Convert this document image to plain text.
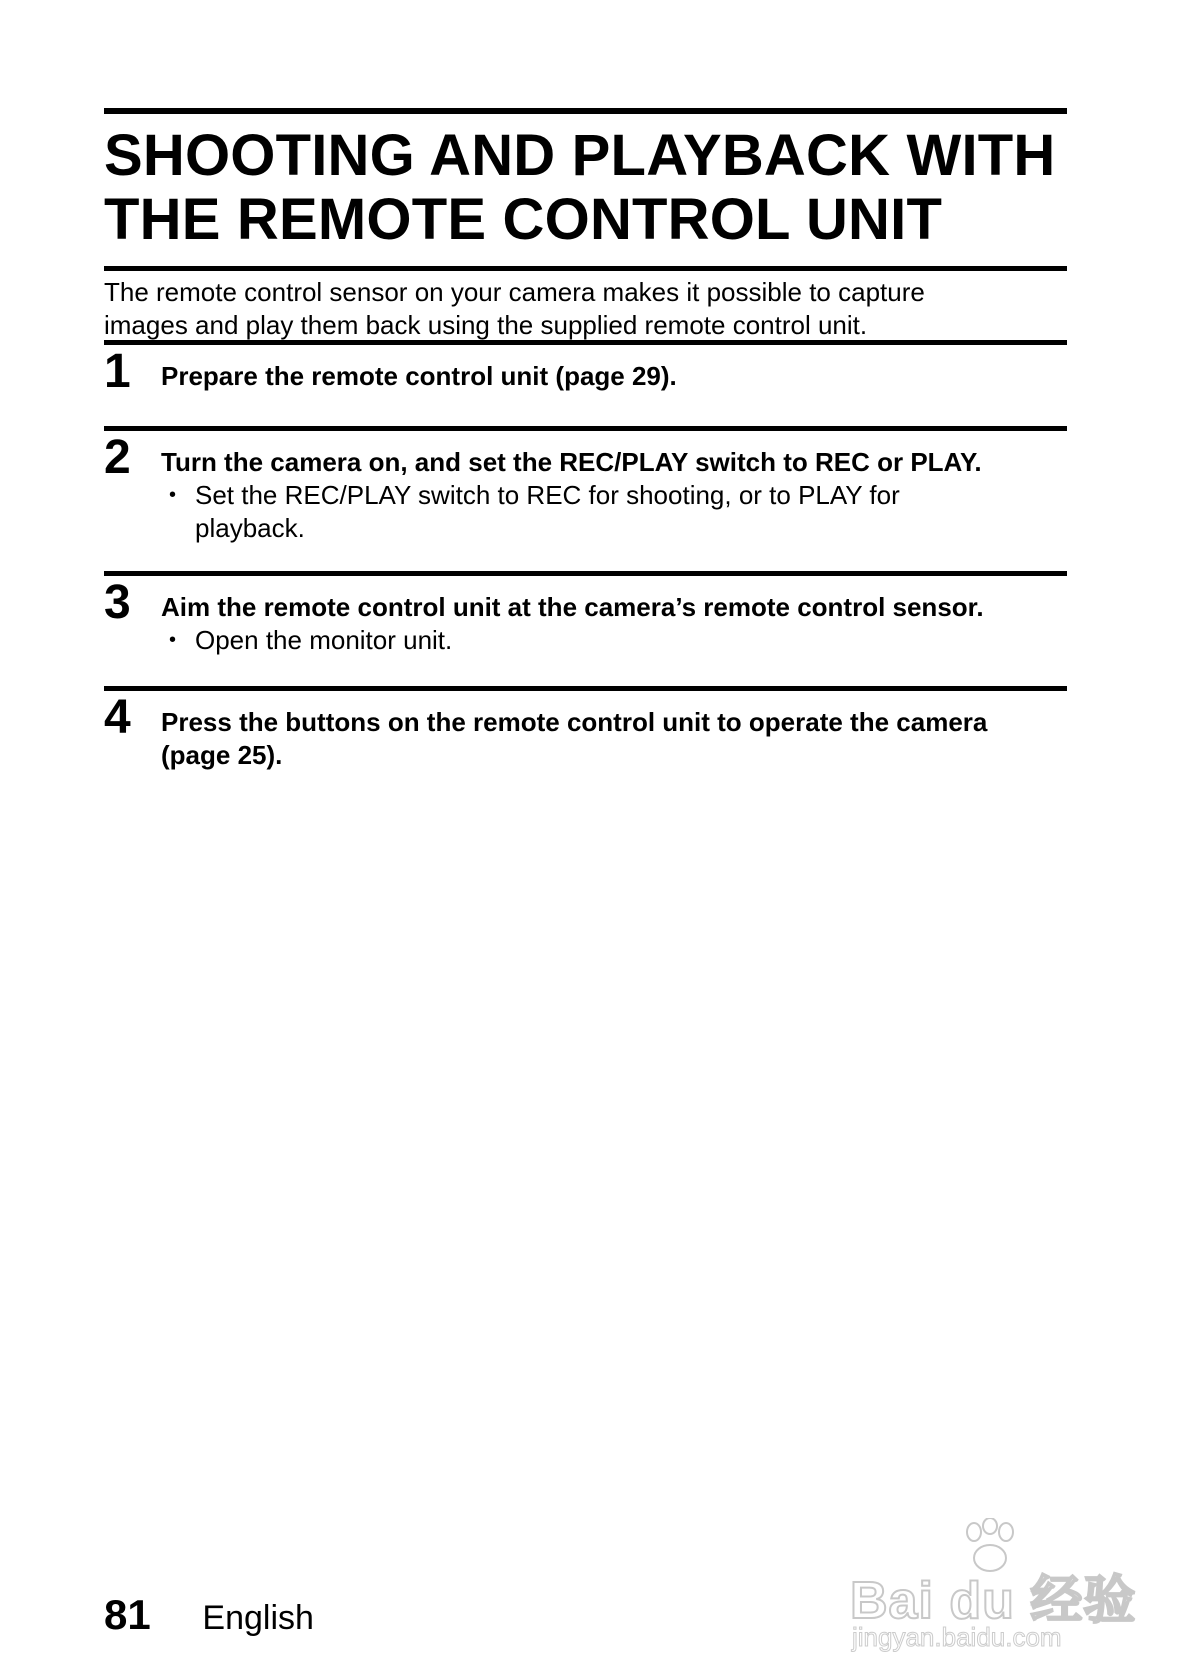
SHOOTING AND PLAYBACK WITH
THE REMOTE CONTROL UNIT

The remote control sensor on your camera makes it possible to capture
images and play them back using the supplied remote control unit.

1 Prepare the remote control unit (page 29).

2 Turn the camera on, and set the REC/PLAY switch to REC or PLAY.

• Set the REC/PLAY switch to REC for shooting, or to PLAY for
playback.

3 Aim the remote control unit at the camera’s remote control sensor.

• Open the monitor unit.

4 Press the buttons on the remote control unit to operate the camera
(page 25).

81 English	Bai du 经验
jingyan.baidu.com
